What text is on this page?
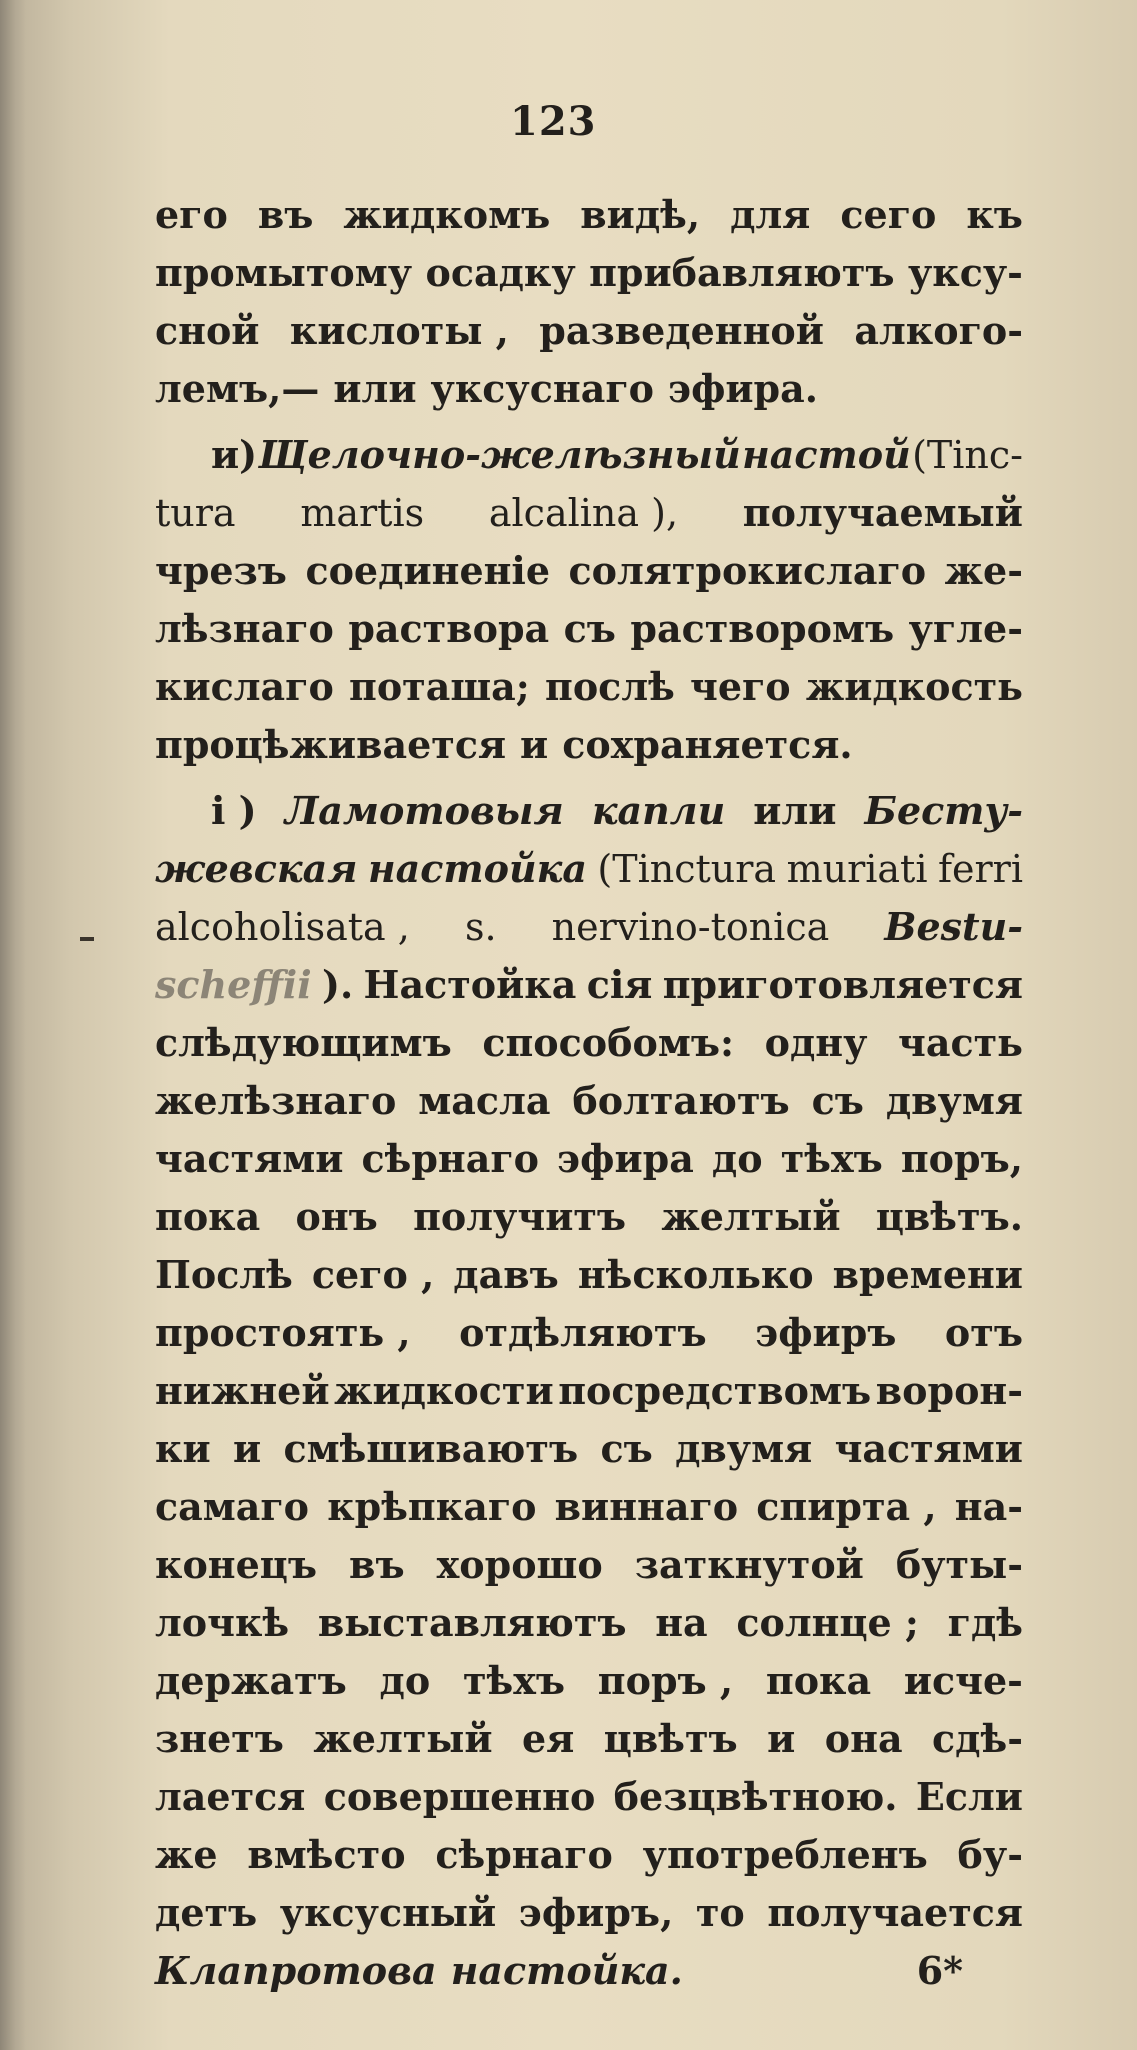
123
его въ жидкомъ видѣ, для сего къ
промытому осадку прибавляютъ уксу-
сной кислоты , разведенной алкого-
лемъ,— или уксуснаго эфира.
и) Щелочно-желѣзный настой (Tinc-
tura martis alcalina ), получаемый
чрезъ соединеніе солятрокислаго же-
лѣзнаго раствора съ растворомъ угле-
кислаго поташа; послѣ чего жидкость
процѣживается и сохраняется.
і ) Ламотовыя капли или Бесту-
жевская настойка (Tinctura muriati ferri
alcoholisata , s. nervino-tonica Bestu-
scheffii ). Настойка сія приготовляется
слѣдующимъ способомъ: одну часть
желѣзнаго масла болтаютъ съ двумя
частями сѣрнаго эфира до тѣхъ поръ,
пока онъ получитъ желтый цвѣтъ.
Послѣ сего , давъ нѣсколько времени
простоять , отдѣляютъ эфиръ отъ
нижней жидкости посредствомъ ворон-
ки и смѣшиваютъ съ двумя частями
самаго крѣпкаго виннаго спирта , на-
конецъ въ хорошо заткнутой буты-
лочкѣ выставляютъ на солнце ; гдѣ
держатъ до тѣхъ поръ , пока исче-
знетъ желтый ея цвѣтъ и она сдѣ-
лается совершенно безцвѣтною. Если
же вмѣсто сѣрнаго употребленъ бу-
детъ уксусный эфиръ, то получается
Клапротова настойка.	6*
